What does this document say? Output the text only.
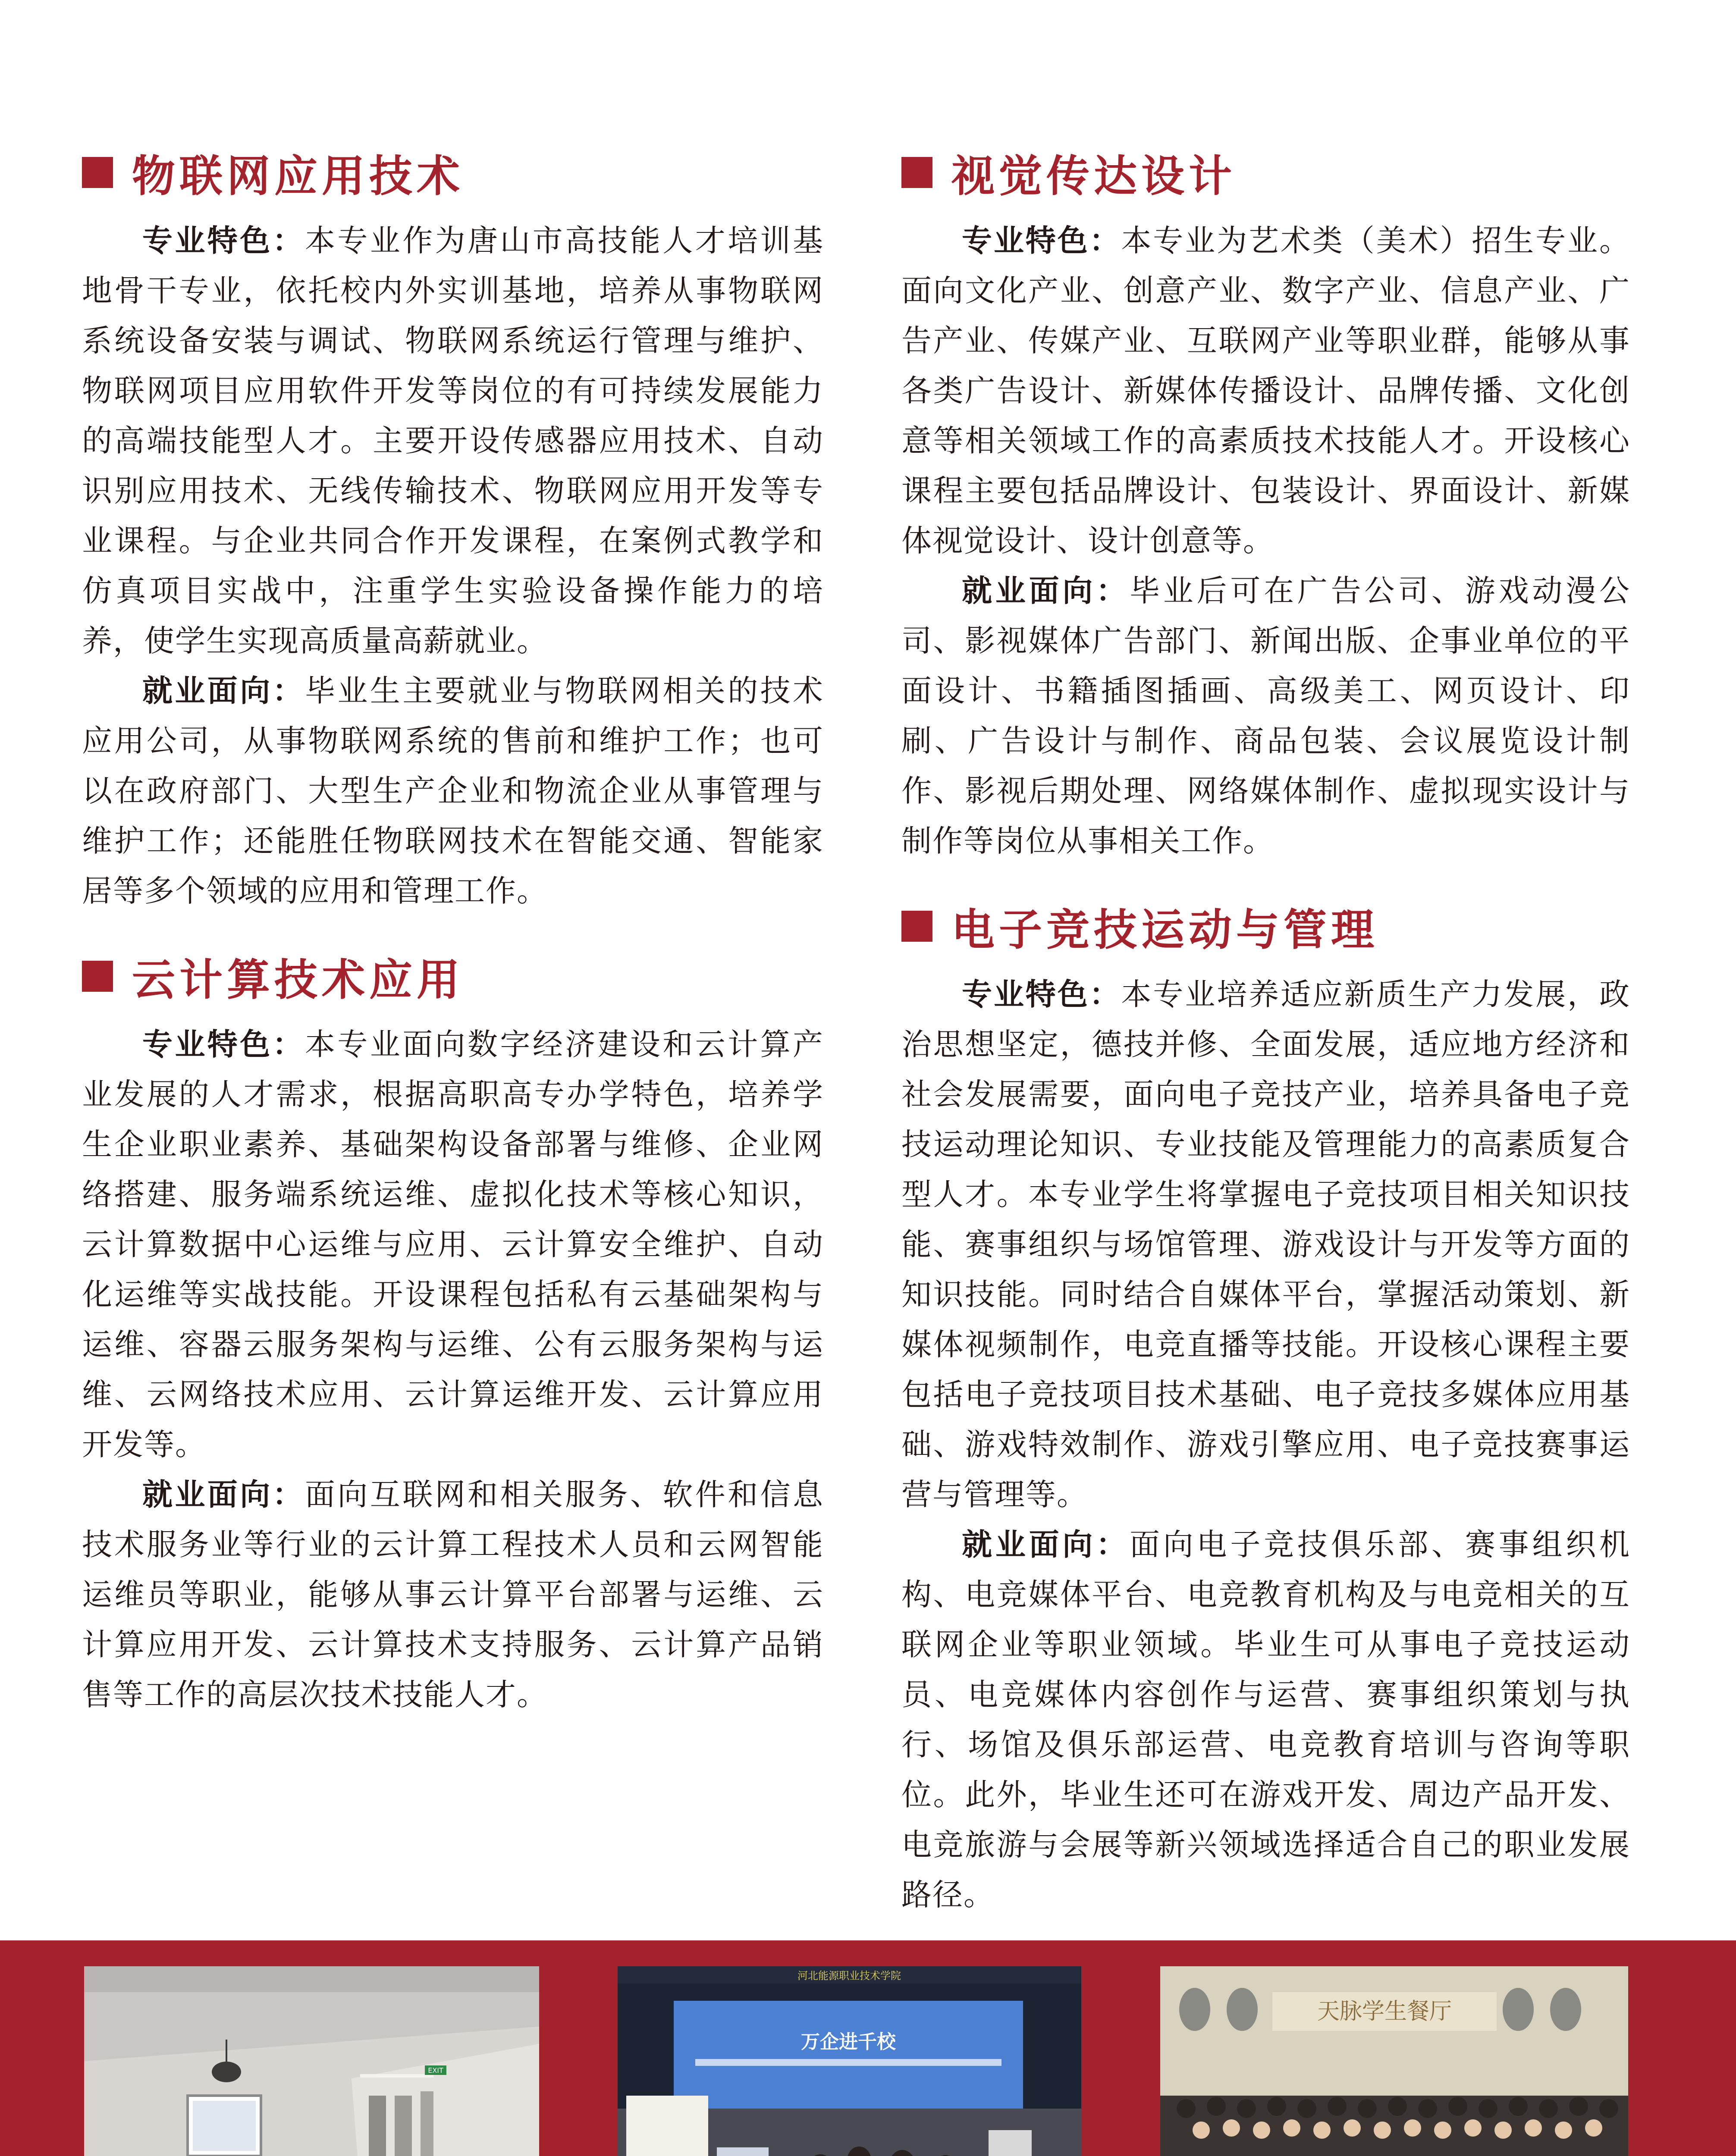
物联网应用技术

专业特色：本专业作为唐山市高技能人才培训基地骨干专业，依托校内外实训基地，培养从事物联网系统设备安装与调试、物联网系统运行管理与维护、物联网项目应用软件开发等岗位的有可持续发展能力的高端技能型人才。主要开设传感器应用技术、自动识别应用技术、无线传输技术、物联网应用开发等专业课程。与企业共同合作开发课程，在案例式教学和仿真项目实战中，注重学生实验设备操作能力的培养，使学生实现高质量高薪就业。

就业面向：毕业生主要就业与物联网相关的技术应用公司，从事物联网系统的售前和维护工作；也可以在政府部门、大型生产企业和物流企业从事管理与维护工作；还能胜任物联网技术在智能交通、智能家居等多个领域的应用和管理工作。

云计算技术应用

专业特色：本专业面向数字经济建设和云计算产业发展的人才需求，根据高职高专办学特色，培养学生企业职业素养、基础架构设备部署与维修、企业网络搭建、服务端系统运维、虚拟化技术等核心知识，云计算数据中心运维与应用、云计算安全维护、自动化运维等实战技能。开设课程包括私有云基础架构与运维、容器云服务架构与运维、公有云服务架构与运维、云网络技术应用、云计算运维开发、云计算应用开发等。

就业面向：面向互联网和相关服务、软件和信息技术服务业等行业的云计算工程技术人员和云网智能运维员等职业，能够从事云计算平台部署与运维、云计算应用开发、云计算技术支持服务、云计算产品销售等工作的高层次技术技能人才。

视觉传达设计

专业特色：本专业为艺术类（美术）招生专业。面向文化产业、创意产业、数字产业、信息产业、广告产业、传媒产业、互联网产业等职业群，能够从事各类广告设计、新媒体传播设计、品牌传播、文化创意等相关领域工作的高素质技术技能人才。开设核心课程主要包括品牌设计、包装设计、界面设计、新媒体视觉设计、设计创意等。

就业面向：毕业后可在广告公司、游戏动漫公司、影视媒体广告部门、新闻出版、企事业单位的平面设计、书籍插图插画、高级美工、网页设计、印刷、广告设计与制作、商品包装、会议展览设计制作、影视后期处理、网络媒体制作、虚拟现实设计与制作等岗位从事相关工作。

电子竞技运动与管理

专业特色：本专业培养适应新质生产力发展，政治思想坚定，德技并修、全面发展，适应地方经济和社会发展需要，面向电子竞技产业，培养具备电子竞技运动理论知识、专业技能及管理能力的高素质复合型人才。本专业学生将掌握电子竞技项目相关知识技能、赛事组织与场馆管理、游戏设计与开发等方面的知识技能。同时结合自媒体平台，掌握活动策划、新媒体视频制作，电竞直播等技能。开设核心课程主要包括电子竞技项目技术基础、电子竞技多媒体应用基础、游戏特效制作、游戏引擎应用、电子竞技赛事运营与管理等。

就业面向：面向电子竞技俱乐部、赛事组织机构、电竞媒体平台、电竞教育机构及与电竞相关的互联网企业等职业领域。毕业生可从事电子竞技运动员、电竞媒体内容创作与运营、赛事组织策划与执行、场馆及俱乐部运营、电竞教育培训与咨询等职位。此外，毕业生还可在游戏开发、周边产品开发、电竞旅游与会展等新兴领域选择适合自己的职业发展路径。

EXIT
河北能源职业技术学院
万企进千校
天脉学生餐厅
